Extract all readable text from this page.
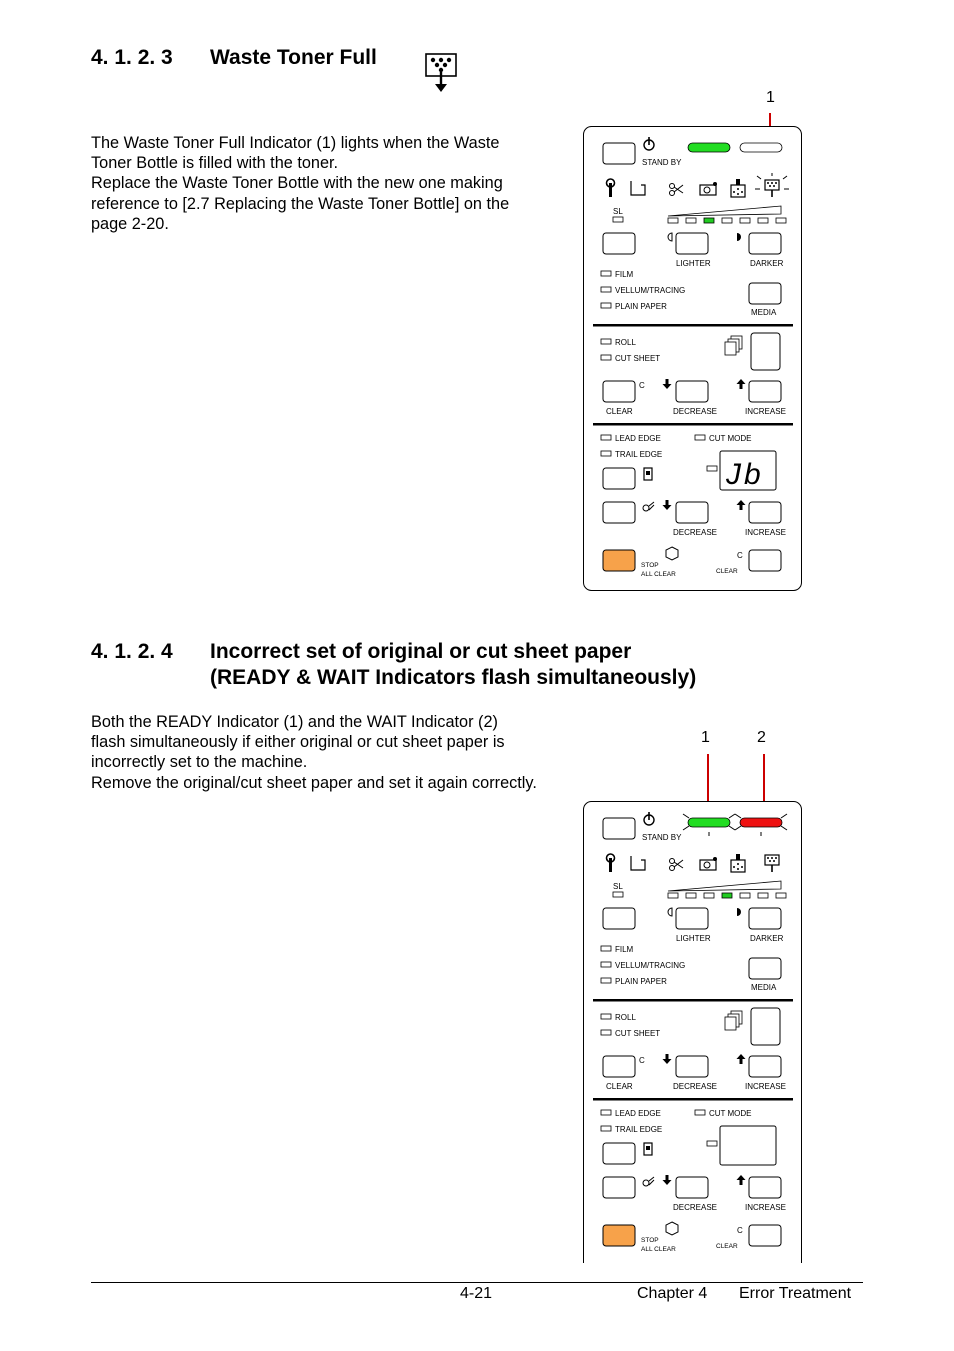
4. 1. 2. 3 Waste Toner Full
The Waste Toner Full Indicator (1) lights when the Waste
Toner Bottle is filled with the toner.
Replace the Waste Toner Bottle with the new one making
reference to [2.7 Replacing the Waste Toner Bottle] on the
page 2-20.
1
STAND BY
SL
LIGHTER	DARKER
FILM
VELLUM/TRACING
PLAIN PAPER
MEDIA
ROLL
CUT SHEET
C
CLEAR	DECREASE	INCREASE
LEAD EDGE
TRAIL EDGE
CUT MODE
Jb
DECREASE	INCREASE
STOP
ALL CLEAR
C
CLEAR
4. 1. 2. 4 Incorrect set of original or cut sheet paper
(READY & WAIT Indicators flash simultaneously)
Both the READY Indicator (1) and the WAIT Indicator (2)
flash simultaneously if either original or cut sheet paper is
incorrectly set to the machine.
Remove the original/cut sheet paper and set it again correctly.
1	2
STAND BY
SL
LIGHTER	DARKER
FILM
VELLUM/TRACING
PLAIN PAPER
MEDIA
ROLL
CUT SHEET
C
CLEAR	DECREASE	INCREASE
LEAD EDGE
TRAIL EDGE
CUT MODE
DECREASE	INCREASE
STOP
ALL CLEAR
C
CLEAR
4-21	Chapter 4 Error Treatment
